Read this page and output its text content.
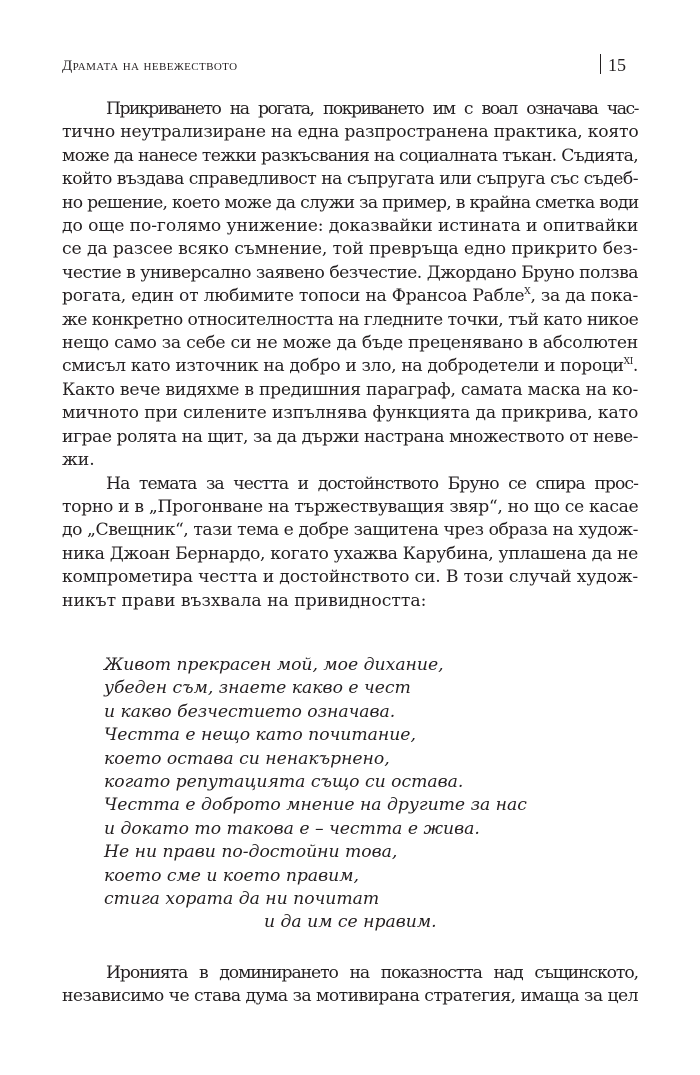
Драмата на невежеството	15
Прикриването на рогата, покриването им с воал означава час-
тично неутрализиране на една разпространена практика, която
може да нанесе тежки разкъсвания на социалната тъкан. Съдията,
който въздава справедливост на съпругата или съпруга със съдеб-
но решение, което може да служи за пример, в крайна сметка води
до още по-голямо унижение: доказвайки истината и опитвайки
се да разсее всяко съмнение, той превръща едно прикрито без-
честие в универсално заявено безчестие. Джордано Бруно ползва
рогата, един от любимите топоси на Франсоа Рабле$^X$, за да пока-
же конкретно относителността на гледните точки, тъй като никое
нещо само за себе си не може да бъде преценявано в абсолютен
смисъл като източник на добро и зло, на добродетели и пороци$^{XI}$.
Както вече видяхме в предишния параграф, самата маска на ко-
мичното при силените изпълнява функцията да прикрива, като
играе ролята на щит, за да държи настрана множеството от неве-
жи.
На темата за честта и достойнството Бруно се спира прос-
торно и в „Прогонване на тържествуващия звяр“, но що се касае
до „Свещник“, тази тема е добре защитена чрез образа на худож-
ника Джоан Бернардо, когато ухажва Карубина, уплашена да не
компрометира честта и достойнството си. В този случай худож-
никът прави възхвала на привидността:
Живот прекрасен мой, мое дихание,
убеден съм, знаете какво е чест
и какво безчестието означава.
Честта е нещо като почитание,
което остава си ненакърнено,
когато репутацията също си остава.
Честта е доброто мнение на другите за нас
и докато то такова е – честта е жива.
Не ни прави по-достойни това,
което сме и което правим,
стига хората да ни почитат
и да им се нравим.
Иронията в доминирането на показността над същинското,
независимо че става дума за мотивирана стратегия, имаща за цел
